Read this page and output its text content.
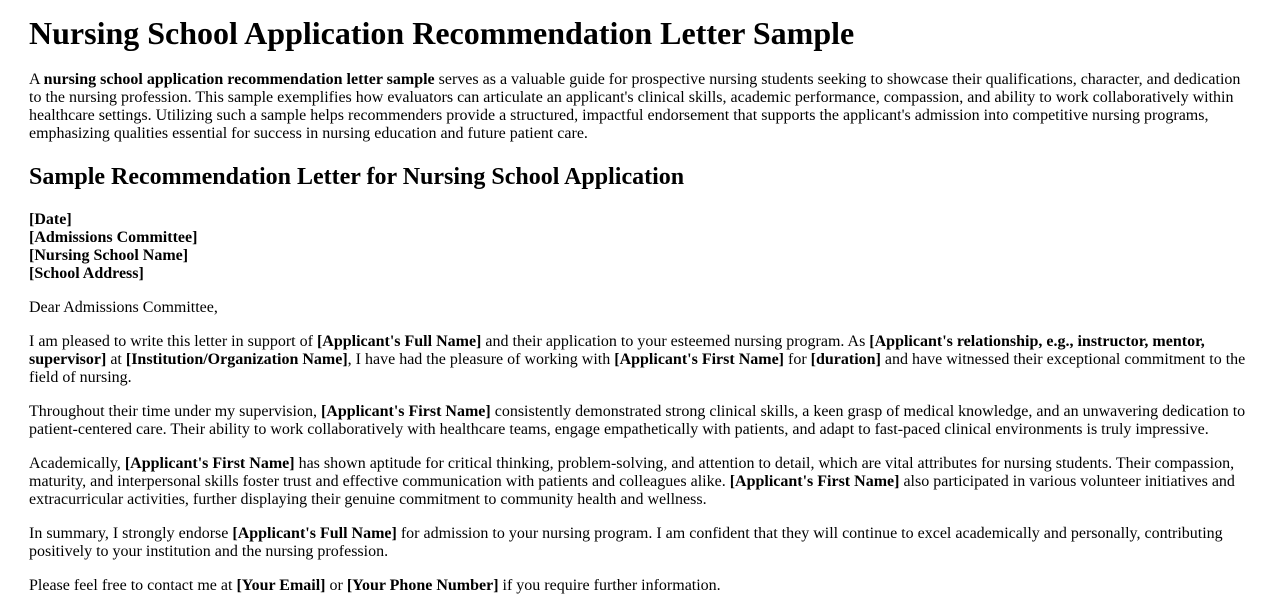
Nursing School Application Recommendation Letter Sample

A nursing school application recommendation letter sample serves as a valuable guide for prospective nursing students seeking to showcase their qualifications, character, and dedication to the nursing profession. This sample exemplifies how evaluators can articulate an applicant's clinical skills, academic performance, compassion, and ability to work collaboratively within healthcare settings. Utilizing such a sample helps recommenders provide a structured, impactful endorsement that supports the applicant's admission into competitive nursing programs, emphasizing qualities essential for success in nursing education and future patient care.

Sample Recommendation Letter for Nursing School Application

[Date]
[Admissions Committee]
[Nursing School Name]
[School Address]

Dear Admissions Committee,

I am pleased to write this letter in support of [Applicant's Full Name] and their application to your esteemed nursing program. As [Applicant's relationship, e.g., instructor, mentor, supervisor] at [Institution/Organization Name], I have had the pleasure of working with [Applicant's First Name] for [duration] and have witnessed their exceptional commitment to the field of nursing.

Throughout their time under my supervision, [Applicant's First Name] consistently demonstrated strong clinical skills, a keen grasp of medical knowledge, and an unwavering dedication to patient-centered care. Their ability to work collaboratively with healthcare teams, engage empathetically with patients, and adapt to fast-paced clinical environments is truly impressive.

Academically, [Applicant's First Name] has shown aptitude for critical thinking, problem-solving, and attention to detail, which are vital attributes for nursing students. Their compassion, maturity, and interpersonal skills foster trust and effective communication with patients and colleagues alike. [Applicant's First Name] also participated in various volunteer initiatives and extracurricular activities, further displaying their genuine commitment to community health and wellness.

In summary, I strongly endorse [Applicant's Full Name] for admission to your nursing program. I am confident that they will continue to excel academically and personally, contributing positively to your institution and the nursing profession.

Please feel free to contact me at [Your Email] or [Your Phone Number] if you require further information.
